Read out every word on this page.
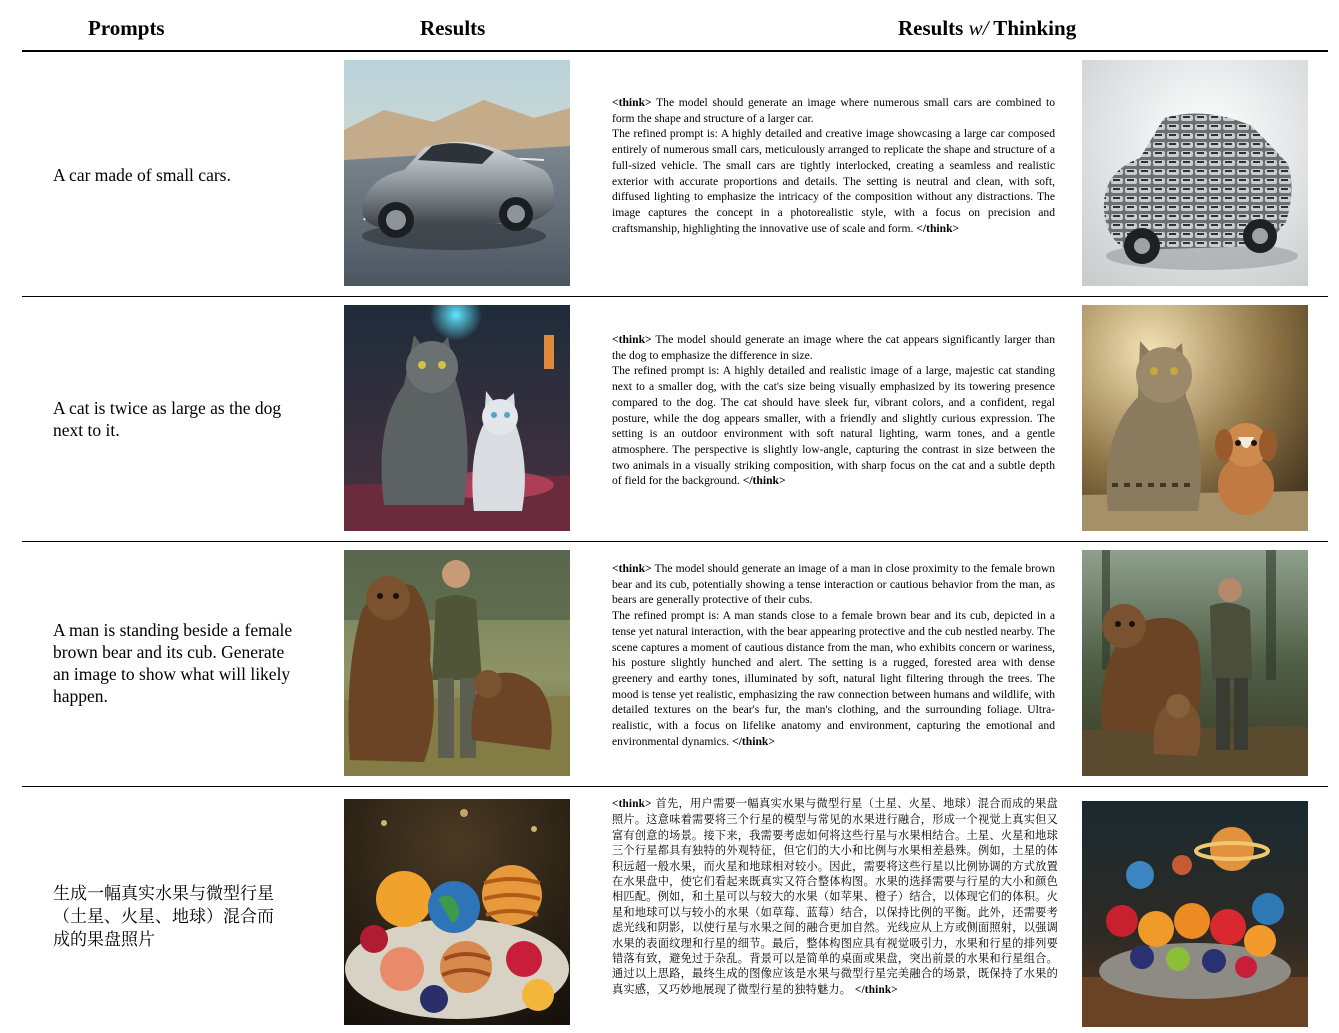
Prompts	Results	Results w/ Thinking
A car made of small cars.
<think> The model should generate an image where numerous small cars are combined to form the shape and structure of a larger car.
The refined prompt is: A highly detailed and creative image showcasing a large car composed entirely of numerous small cars, meticulously arranged to replicate the shape and structure of a full-sized vehicle. The small cars are tightly interlocked, creating a seamless and realistic exterior with accurate proportions and details. The setting is neutral and clean, with soft, diffused lighting to emphasize the intricacy of the composition without any distractions. The image captures the concept in a photorealistic style, with a focus on precision and craftsmanship, highlighting the innovative use of scale and form. </think>
A cat is twice as large as the dog next to it.
<think> The model should generate an image where the cat appears significantly larger than the dog to emphasize the difference in size.
The refined prompt is: A highly detailed and realistic image of a large, majestic cat standing next to a smaller dog, with the cat's size being visually emphasized by its towering presence compared to the dog. The cat should have sleek fur, vibrant colors, and a confident, regal posture, while the dog appears smaller, with a friendly and slightly curious expression. The setting is an outdoor environment with soft natural lighting, warm tones, and a gentle atmosphere. The perspective is slightly low-angle, capturing the contrast in size between the two animals in a visually striking composition, with sharp focus on the cat and a subtle depth of field for the background. </think>
A man is standing beside a female brown bear and its cub. Generate an image to show what will likely happen.
<think> The model should generate an image of a man in close proximity to the female brown bear and its cub, potentially showing a tense interaction or cautious behavior from the man, as bears are generally protective of their cubs.
The refined prompt is: A man stands close to a female brown bear and its cub, depicted in a tense yet natural interaction, with the bear appearing protective and the cub nestled nearby. The scene captures a moment of cautious distance from the man, who exhibits concern or wariness, his posture slightly hunched and alert. The setting is a rugged, forested area with dense greenery and earthy tones, illuminated by soft, natural light filtering through the trees. The mood is tense yet realistic, emphasizing the raw connection between humans and wildlife, with detailed textures on the bear's fur, the man's clothing, and the surrounding foliage. Ultra-realistic, with a focus on lifelike anatomy and environment, capturing the emotional and environmental dynamics. </think>
生成一幅真实水果与微型行星（土星、火星、地球）混合而成的果盘照片
<think> 首先，用户需要一幅真实水果与微型行星（土星、火星、地球）混合而成的果盘照片。这意味着需要将三个行星的模型与常见的水果进行融合，形成一个视觉上真实但又富有创意的场景。接下来，我需要考虑如何将这些行星与水果相结合。土星、火星和地球三个行星都具有独特的外观特征，但它们的大小和比例与水果相差悬殊。例如，土星的体积远超一般水果，而火星和地球相对较小。因此，需要将这些行星以比例协调的方式放置在水果盘中，使它们看起来既真实又符合整体构图。水果的选择需要与行星的大小和颜色相匹配。例如，和土星可以与较大的水果（如苹果、橙子）结合，以体现它们的体积。火星和地球可以与较小的水果（如草莓、蓝莓）结合，以保持比例的平衡。此外，还需要考虑光线和阴影，以使行星与水果之间的融合更加自然。光线应从上方或侧面照射，以强调水果的表面纹理和行星的细节。最后，整体构图应具有视觉吸引力，水果和行星的排列要错落有致，避免过于杂乱。背景可以是简单的桌面或果盘，突出前景的水果和行星组合。通过以上思路，最终生成的图像应该是水果与微型行星完美融合的场景，既保持了水果的真实感，又巧妙地展现了微型行星的独特魅力。 </think>
